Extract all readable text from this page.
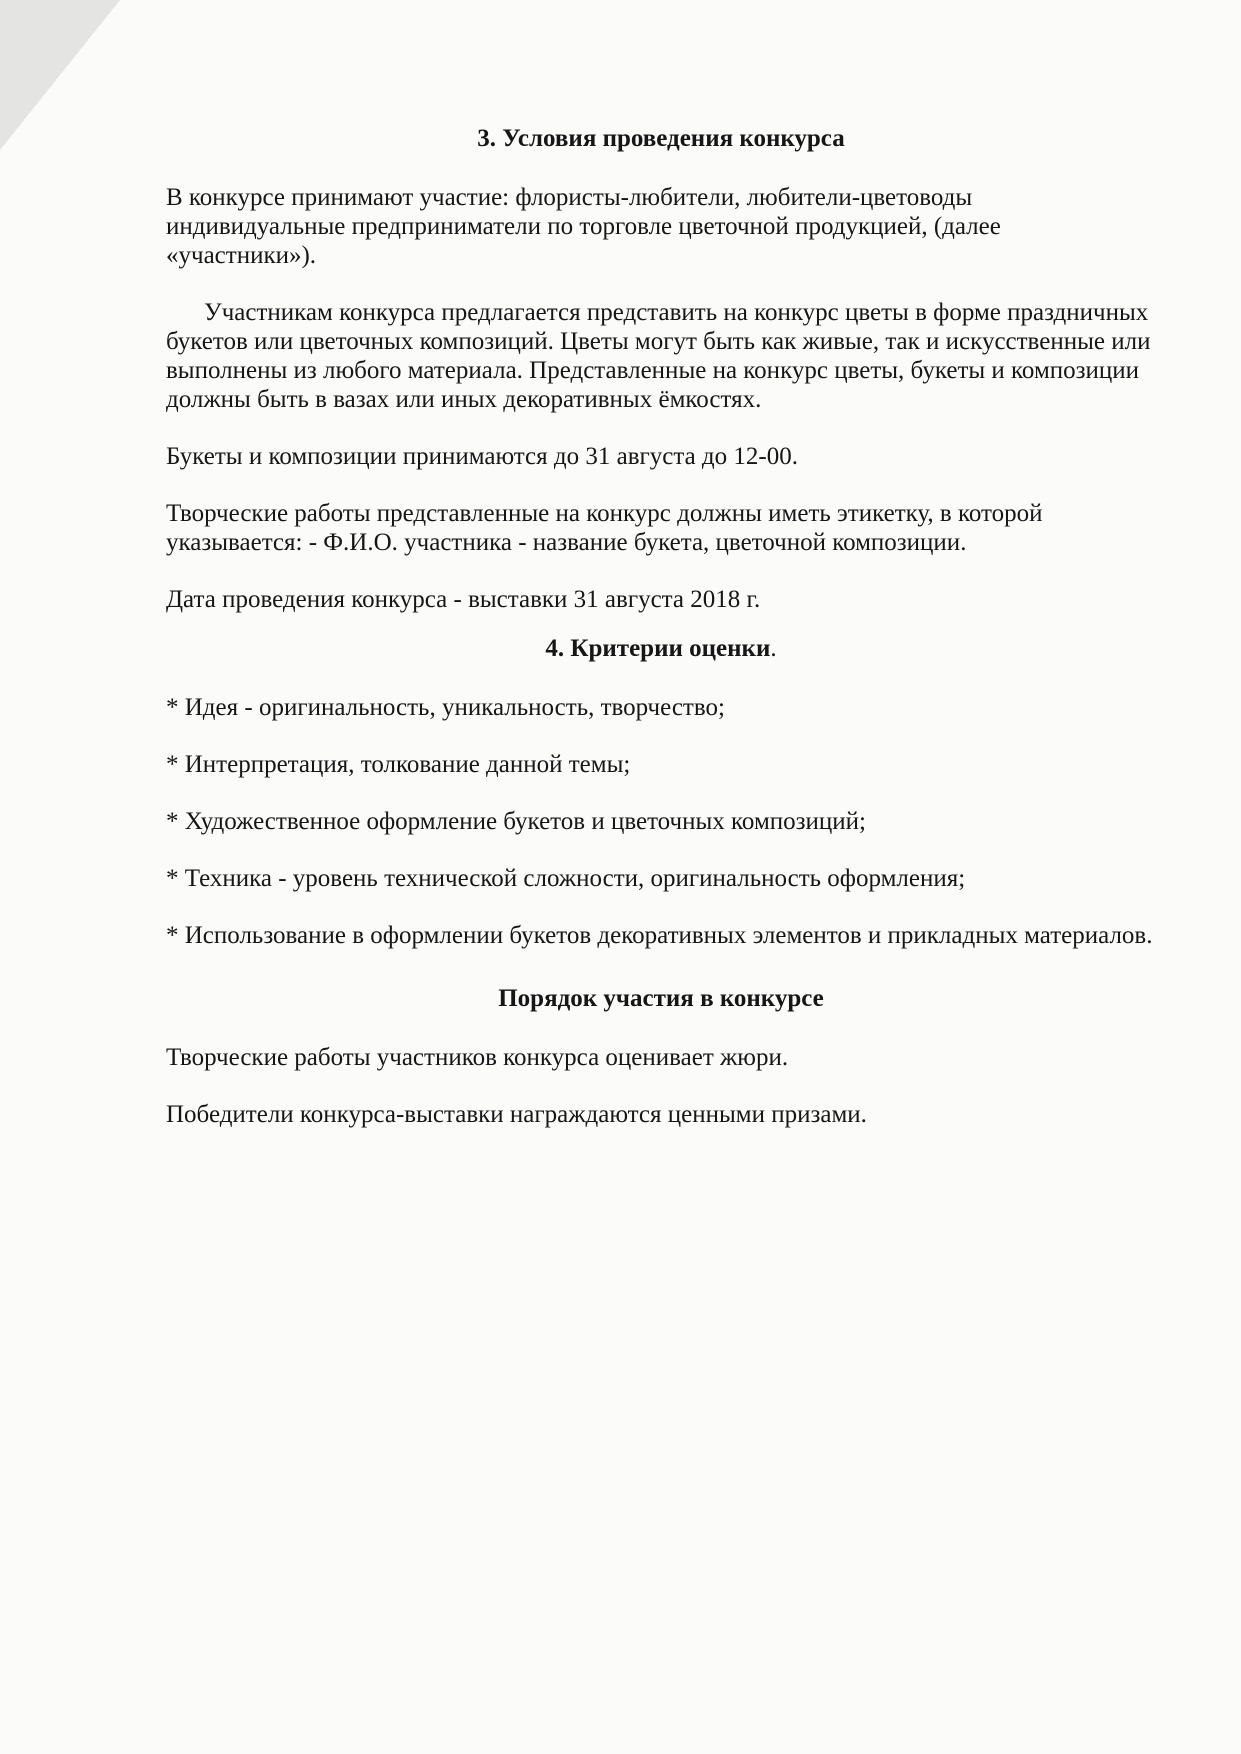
3. Условия проведения конкурса

В конкурсе принимают участие: флористы-любители, любители-цветоводы индивидуальные предприниматели по торговле цветочной продукцией, (далее «участники»).

Участникам конкурса предлагается представить на конкурс цветы в форме праздничных букетов или цветочных композиций. Цветы могут быть как живые, так и искусственные или выполнены из любого материала. Представленные на конкурс цветы, букеты и композиции должны быть в вазах или иных декоративных ёмкостях.

Букеты и композиции принимаются до 31 августа до 12-00.

Творческие работы представленные на конкурс должны иметь этикетку, в которой указывается: - Ф.И.О. участника - название букета, цветочной композиции.

Дата проведения конкурса - выставки 31 августа 2018 г.

4. Критерии оценки.

* Идея - оригинальность, уникальность, творчество;

* Интерпретация, толкование данной темы;

* Художественное оформление букетов и цветочных композиций;

* Техника - уровень технической сложности, оригинальность оформления;

* Использование в оформлении букетов декоративных элементов и прикладных материалов.

Порядок участия в конкурсе

Творческие работы участников конкурса оценивает жюри.

Победители конкурса-выставки награждаются ценными призами.
